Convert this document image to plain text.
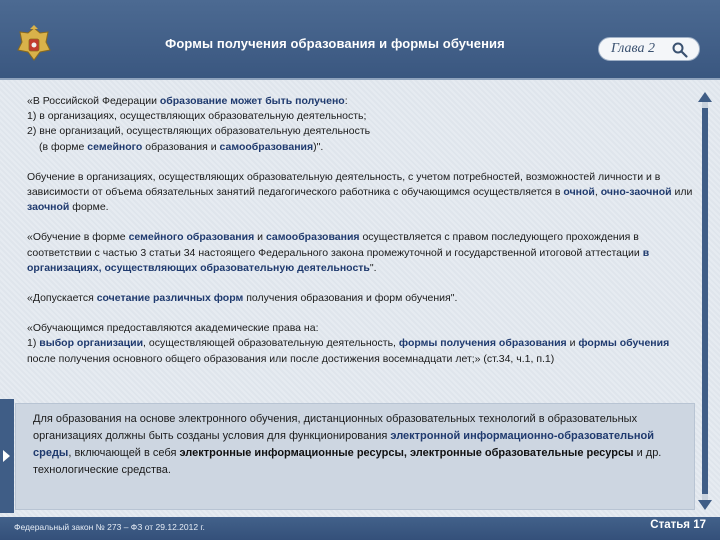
Формы получения образования и формы обучения	Глава 2

«В Российской Федерации образование может быть получено:
1) в организациях, осуществляющих образовательную деятельность;
2) вне организаций, осуществляющих образовательную деятельность
(в форме семейного образования и самообразования)".

Обучение в организациях, осуществляющих образовательную деятельность, с учетом потребностей, возможностей личности и в зависимости от объема обязательных занятий педагогического работника с обучающимся осуществляется в очной, очно-заочной или заочной форме.

«Обучение в форме семейного образования и самообразования осуществляется с правом последующего прохождения в соответствии с частью 3 статьи 34 настоящего Федерального закона промежуточной и государственной итоговой аттестации в организациях, осуществляющих образовательную деятельность".

«Допускается сочетание различных форм получения образования и форм обучения".

«Обучающимся предоставляются академические права на:
1) выбор организации, осуществляющей образовательную деятельность, формы получения образования и формы обучения после получения основного общего образования или после достижения восемнадцати лет;» (ст.34, ч.1, п.1)

Для образования на основе электронного обучения, дистанционных образовательных технологий в образовательных организациях должны быть созданы условия для функционирования электронной информационно-образовательной среды, включающей в себя электронные информационные ресурсы, электронные образовательные ресурсы и др. технологические средства.
Федеральный закон № 273 – ФЗ от 29.12.2012 г.	Статья 17
